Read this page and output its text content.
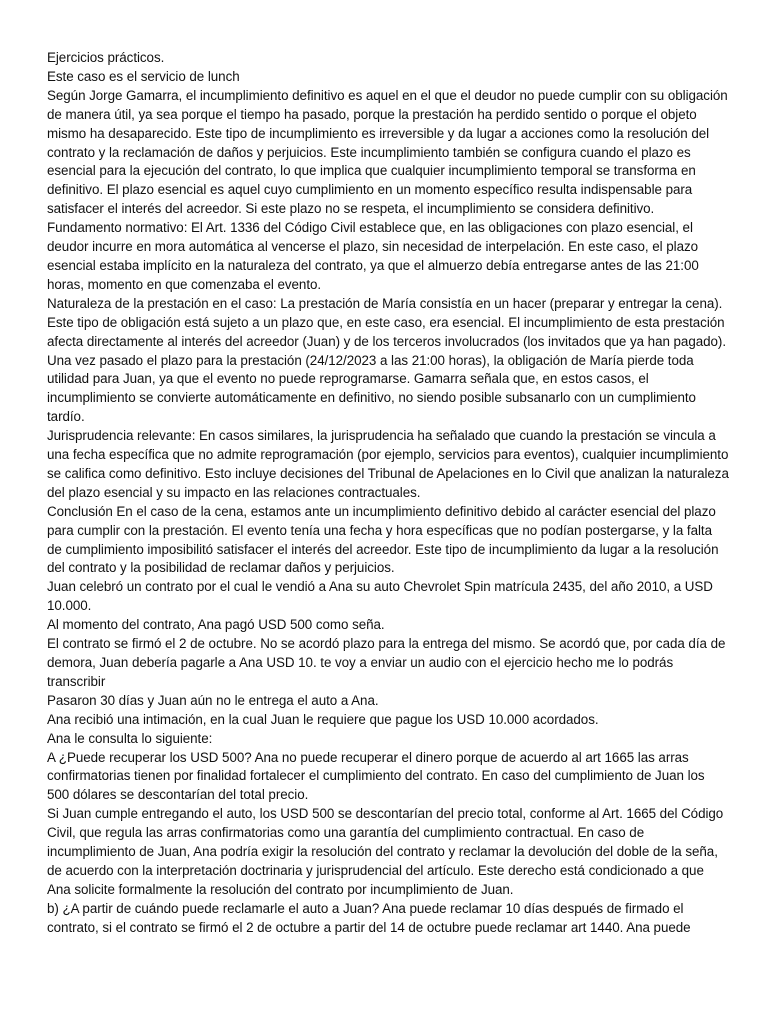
Ejercicios prácticos.

Este caso es el servicio de lunch

Según Jorge Gamarra, el incumplimiento definitivo es aquel en el que el deudor no puede cumplir con su obligación de manera útil, ya sea porque el tiempo ha pasado, porque la prestación ha perdido sentido o porque el objeto mismo ha desaparecido. Este tipo de incumplimiento es irreversible y da lugar a acciones como la resolución del contrato y la reclamación de daños y perjuicios. Este incumplimiento también se configura cuando el plazo es esencial para la ejecución del contrato, lo que implica que cualquier incumplimiento temporal se transforma en definitivo. El plazo esencial es aquel cuyo cumplimiento en un momento específico resulta indispensable para satisfacer el interés del acreedor. Si este plazo no se respeta, el incumplimiento se considera definitivo.

Fundamento normativo: El Art. 1336 del Código Civil establece que, en las obligaciones con plazo esencial, el deudor incurre en mora automática al vencerse el plazo, sin necesidad de interpelación. En este caso, el plazo esencial estaba implícito en la naturaleza del contrato, ya que el almuerzo debía entregarse antes de las 21:00 horas, momento en que comenzaba el evento.

Naturaleza de la prestación en el caso: La prestación de María consistía en un hacer (preparar y entregar la cena). Este tipo de obligación está sujeto a un plazo que, en este caso, era esencial. El incumplimiento de esta prestación afecta directamente al interés del acreedor (Juan) y de los terceros involucrados (los invitados que ya han pagado).

Una vez pasado el plazo para la prestación (24/12/2023 a las 21:00 horas), la obligación de María pierde toda utilidad para Juan, ya que el evento no puede reprogramarse. Gamarra señala que, en estos casos, el incumplimiento se convierte automáticamente en definitivo, no siendo posible subsanarlo con un cumplimiento tardío.

Jurisprudencia relevante: En casos similares, la jurisprudencia ha señalado que cuando la prestación se vincula a una fecha específica que no admite reprogramación (por ejemplo, servicios para eventos), cualquier incumplimiento se califica como definitivo. Esto incluye decisiones del Tribunal de Apelaciones en lo Civil que analizan la naturaleza del plazo esencial y su impacto en las relaciones contractuales.

Conclusión En el caso de la cena, estamos ante un incumplimiento definitivo debido al carácter esencial del plazo para cumplir con la prestación. El evento tenía una fecha y hora específicas que no podían postergarse, y la falta de cumplimiento imposibilitó satisfacer el interés del acreedor. Este tipo de incumplimiento da lugar a la resolución del contrato y la posibilidad de reclamar daños y perjuicios.

Juan celebró un contrato por el cual le vendió a Ana su auto Chevrolet Spin matrícula 2435, del año 2010, a USD 10.000.

Al momento del contrato, Ana pagó USD 500 como seña.

El contrato se firmó el 2 de octubre. No se acordó plazo para la entrega del mismo. Se acordó que, por cada día de demora, Juan debería pagarle a Ana USD 10. te voy a enviar un audio con el ejercicio hecho me lo podrás transcribir

Pasaron 30 días y Juan aún no le entrega el auto a Ana.

Ana recibió una intimación, en la cual Juan le requiere que pague los USD 10.000 acordados.

Ana le consulta lo siguiente:

A ¿Puede recuperar los USD 500? Ana no puede recuperar el dinero porque de acuerdo al art 1665 las arras confirmatorias tienen por finalidad fortalecer el cumplimiento del contrato. En caso del cumplimiento de Juan los 500 dólares se descontarían del total precio.

Si Juan cumple entregando el auto, los USD 500 se descontarían del precio total, conforme al Art. 1665 del Código Civil, que regula las arras confirmatorias como una garantía del cumplimiento contractual. En caso de incumplimiento de Juan, Ana podría exigir la resolución del contrato y reclamar la devolución del doble de la seña, de acuerdo con la interpretación doctrinaria y jurisprudencial del artículo. Este derecho está condicionado a que Ana solicite formalmente la resolución del contrato por incumplimiento de Juan.

b) ¿A partir de cuándo puede reclamarle el auto a Juan? Ana puede reclamar 10 días después de firmado el contrato, si el contrato se firmó el 2 de octubre a partir del 14 de octubre puede reclamar art 1440. Ana puede
